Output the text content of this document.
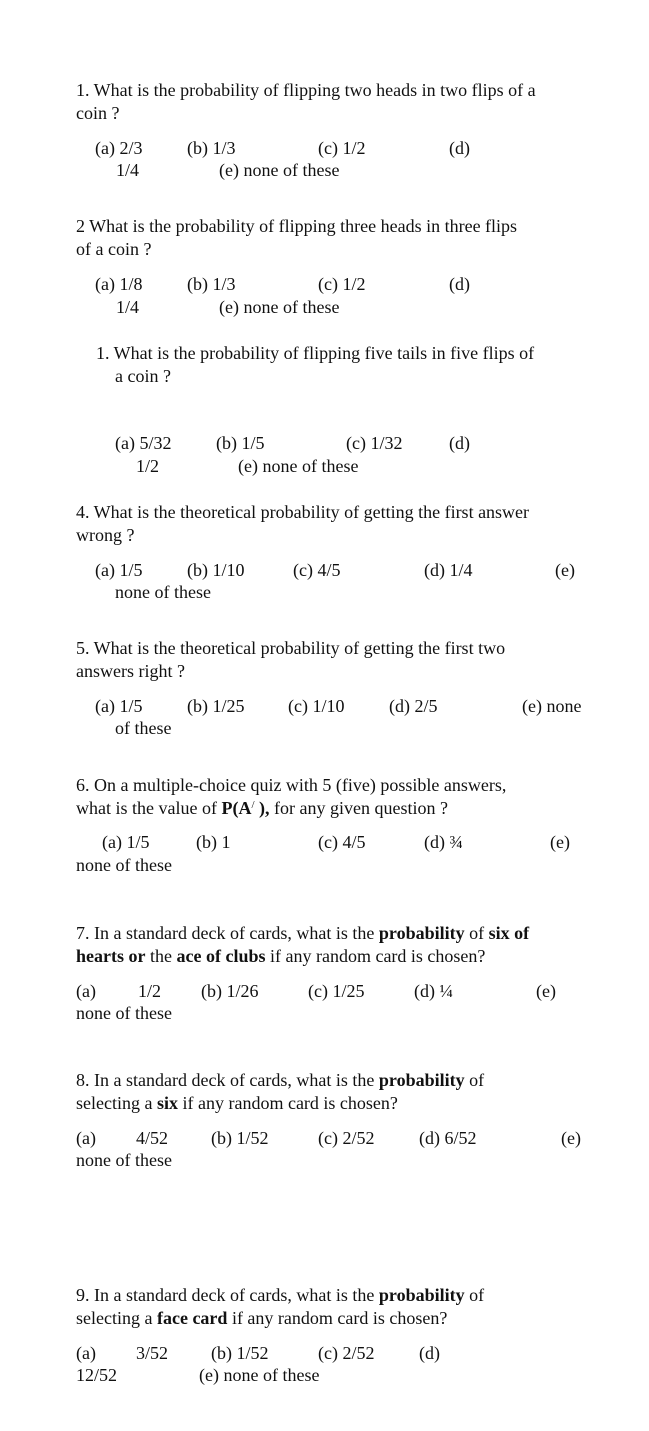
1. What is the probability of flipping two heads in two flips of a
coin ?
(a) 2/3 (b) 1/3	(c) 1/2	(d)
1/4	(e) none of these
2 What is the probability of flipping three heads in three flips
of a coin ?
(a) 1/8 (b) 1/3	(c) 1/2	(d)
1/4	(e) none of these
1. What is the probability of flipping five tails in five flips of
a coin ?
(a) 5/32 (b) 1/5	(c) 1/32	(d)
1/2	(e) none of these
4. What is the theoretical probability of getting the first answer
wrong ?
(a) 1/5 (b) 1/10	(c) 4/5	(d) 1/4	(e)
none of these
5. What is the theoretical probability of getting the first two
answers right ?
(a) 1/5 (b) 1/25 (c) 1/10 (d) 2/5	(e) none
of these
6. On a multiple-choice quiz with 5 (five) possible answers,
what is the value of P(A/ ), for any given question ?
(a) 1/5	(b) 1	(c) 4/5	(d) ¾	(e)
none of these
7. In a standard deck of cards, what is the probability of six of
hearts or the ace of clubs if any random card is chosen?
(a) 1/2 (b) 1/26	(c) 1/25	(d) ¼	(e)
none of these
8. In a standard deck of cards, what is the probability of
selecting a six if any random card is chosen?
(a) 4/52 (b) 1/52	(c) 2/52 (d) 6/52	(e)
none of these
9. In a standard deck of cards, what is the probability of
selecting a face card if any random card is chosen?
(a) 3/52 (b) 1/52	(c) 2/52 (d)
12/52	(e) none of these
